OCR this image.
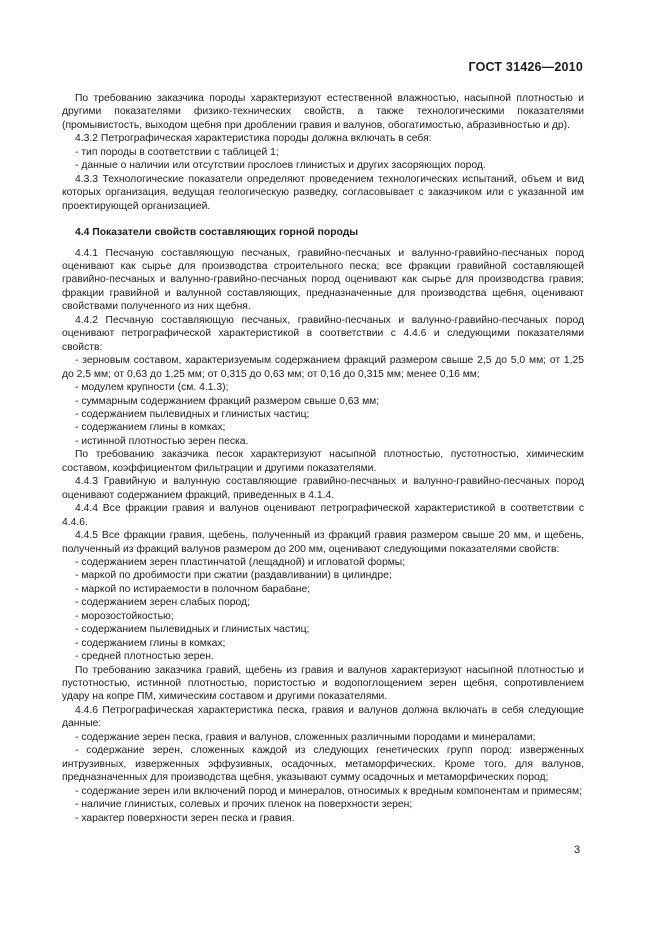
ГОСТ 31426—2010

По требованию заказчика породы характеризуют естественной влажностью, насыпной плотностью и другими показателями физико-технических свойств, а также технологическими показателями (промывистость, выходом щебня при дроблении гравия и валунов, обогатимостью, абразивностью и др).

4.3.2 Петрографическая характеристика породы должна включать в себя:

- тип породы в соответствии с таблицей 1;

- данные о наличии или отсутствии прослоев глинистых и других засоряющих пород.

4.3.3 Технологические показатели определяют проведением технологических испытаний, объем и вид которых организация, ведущая геологическую разведку, согласовывает с заказчиком или с указанной им проектирующей организацией.

4.4 Показатели свойств составляющих горной породы

4.4.1 Песчаную составляющую песчаных, гравийно-песчаных и валунно-гравийно-песчаных пород оценивают как сырье для производства строительного песка; все фракции гравийной составляющей гравийно-песчаных и валунно-гравийно-песчаных пород оценивают как сырье для производства гравия; фракции гравийной и валунной составляющих, предназначенные для производства щебня, оценивают свойствами полученного из них щебня.

4.4.2 Песчаную составляющую песчаных, гравийно-песчаных и валунно-гравийно-песчаных пород оценивают петрографической характеристикой в соответствии с 4.4.6 и следующими показателями свойств:

- зерновым составом, характеризуемым содержанием фракций размером свыше 2,5 до 5,0 мм; от 1,25 до 2,5 мм; от 0,63 до 1,25 мм; от 0,315 до 0,63 мм; от 0,16 до 0,315 мм; менее 0,16 мм;

- модулем крупности (см. 4.1.3);

- суммарным содержанием фракций размером свыше 0,63 мм;

- содержанием пылевидных и глинистых частиц;

- содержанием глины в комках;

- истинной плотностью зерен песка.

По требованию заказчика песок характеризуют насыпной плотностью, пустотностью, химическим составом, коэффициентом фильтрации и другими показателями.

4.4.3 Гравийную и валунную составляющие гравийно-песчаных и валунно-гравийно-песчаных пород оценивают содержанием фракций, приведенных в 4.1.4.

4.4.4 Все фракции гравия и валунов оценивают петрографической характеристикой в соответствии с 4.4.6.

4.4.5 Все фракции гравия, щебень, полученный из фракций гравия размером свыше 20 мм, и щебень, полученный из фракций валунов размером до 200 мм, оценивают следующими показателями свойств:

- содержанием зерен пластинчатой (лещадной) и игловатой формы;

- маркой по дробимости при сжатии (раздавливании) в цилиндре;

- маркой по истираемости в полочном барабане;

- содержанием зерен слабых пород;

- морозостойкостью;

- содержанием пылевидных и глинистых частиц;

- содержанием глины в комках;

- средней плотностью зерен.

По требованию заказчика гравий, щебень из гравия и валунов характеризуют насыпной плотностью и пустотностью, истинной плотностью, пористостью и водопоглощением зерен щебня, сопротивлением удару на копре ПМ, химическим составом и другими показателями.

4.4.6 Петрографическая характеристика песка, гравия и валунов должна включать в себя следующие данные:

- содержание зерен песка, гравия и валунов, сложенных различными породами и минералами;

- содержание зерен, сложенных каждой из следующих генетических групп пород: изверженных интрузивных, изверженных эффузивных, осадочных, метаморфических. Кроме того, для валунов, предназначенных для производства щебня, указывают сумму осадочных и метаморфических пород;

- содержание зерен или включений пород и минералов, относимых к вредным компонентам и примесям;

- наличие глинистых, солевых и прочих пленок на поверхности зерен;

- характер поверхности зерен песка и гравия.

3
